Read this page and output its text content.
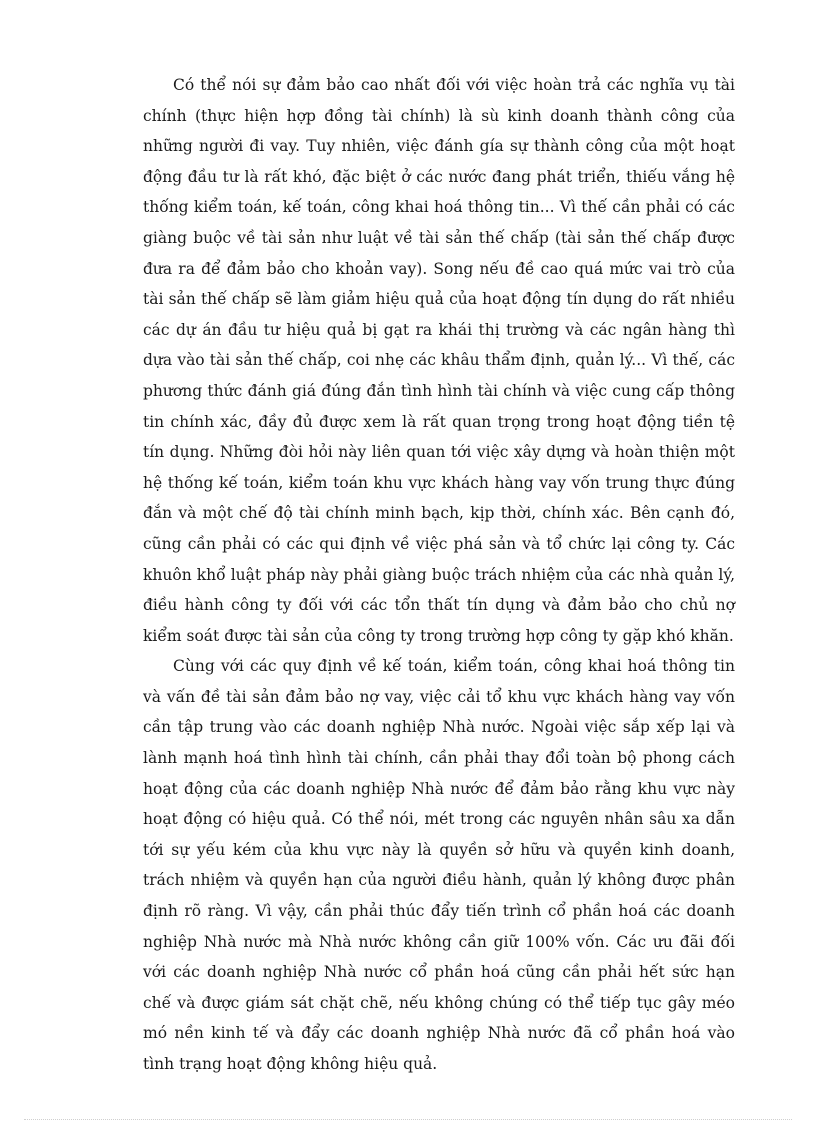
Có thể nói sự đảm bảo cao nhất đối với việc hoàn trả các nghĩa vụ tài chính (thực hiện hợp đồng tài chính) là sù kinh doanh thành công của những người đi vay. Tuy nhiên, việc đánh gía sự thành công của một hoạt động đầu tư là rất khó, đặc biệt ở các nước đang phát triển, thiếu vắng hệ thống kiểm toán, kế toán, công khai hoá thông tin... Vì thế cần phải có các giàng buộc về tài sản như luật về tài sản thế chấp (tài sản thế chấp được đưa ra để đảm bảo cho khoản vay). Song nếu đề cao quá mức vai trò của tài sản thế chấp sẽ làm giảm hiệu quả của hoạt động tín dụng do rất nhiều các dự án đầu tư hiệu quả bị gạt ra khái thị trường và các ngân hàng thì dựa vào tài sản thế chấp, coi nhẹ các khâu thẩm định, quản lý... Vì thế, các phương thức đánh giá đúng đắn tình hình tài chính và việc cung cấp thông tin chính xác, đầy đủ được xem là rất quan trọng trong hoạt động tiền tệ tín dụng. Những đòi hỏi này liên quan tới việc xây dựng và hoàn thiện một hệ thống kế toán, kiểm toán khu vực khách hàng vay vốn trung thực đúng đắn và một chế độ tài chính minh bạch, kịp thời, chính xác. Bên cạnh đó, cũng cần phải có các qui định về việc phá sản và tổ chức lại công ty. Các khuôn khổ luật pháp này phải giàng buộc trách nhiệm của các nhà quản lý, điều hành công ty đối với các tổn thất tín dụng và đảm bảo cho chủ nợ kiểm soát được tài sản của công ty trong trường hợp công ty gặp khó khăn.

Cùng với các quy định về kế toán, kiểm toán, công khai hoá thông tin và vấn đề tài sản đảm bảo nợ vay, việc cải tổ khu vực khách hàng vay vốn cần tập trung vào các doanh nghiệp Nhà nước. Ngoài việc sắp xếp lại và lành mạnh hoá tình hình tài chính, cần phải thay đổi toàn bộ phong cách hoạt động của các doanh nghiệp Nhà nước để đảm bảo rằng khu vực này hoạt động có hiệu quả. Có thể nói, mét trong các nguyên nhân sâu xa dẫn tới sự yếu kém của khu vực này là quyền sở hữu và quyền kinh doanh, trách nhiệm và quyền hạn của người điều hành, quản lý không được phân định rõ ràng. Vì vậy, cần phải thúc đẩy tiến trình cổ phần hoá các doanh nghiệp Nhà nước mà Nhà nước không cần giữ 100% vốn. Các ưu đãi đối với các doanh nghiệp Nhà nước cổ phần hoá cũng cần phải hết sức hạn chế và được giám sát chặt chẽ, nếu không chúng có thể tiếp tục gây méo mó nền kinh tế và đẩy các doanh nghiệp Nhà nước đã cổ phần hoá vào tình trạng hoạt động không hiệu quả.
